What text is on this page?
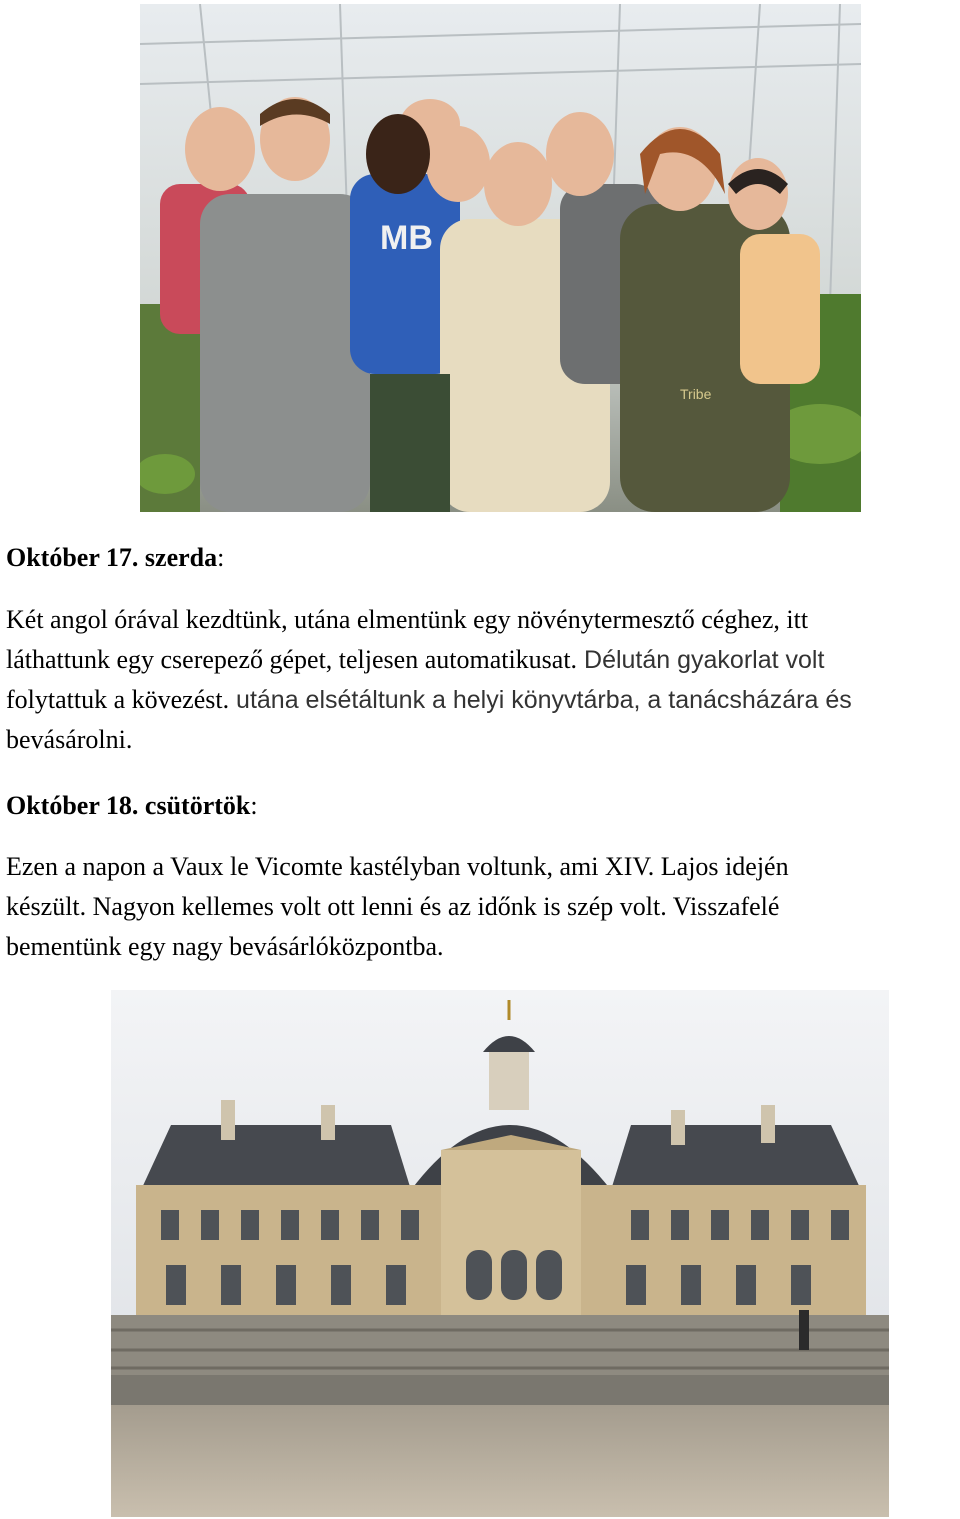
MB
Tribe

Október 17. szerda:

Két angol órával kezdtünk, utána elmentünk egy növénytermesztő céghez, itt
láthattunk egy cserepező gépet, teljesen automatikusat. Délután gyakorlat volt
folytattuk a kövezést. utána elsétáltunk a helyi könyvtárba, a tanácsházára és
bevásárolni.

Október 18. csütörtök:

Ezen a napon a Vaux le Vicomte kastélyban voltunk, ami XIV. Lajos idején
készült. Nagyon kellemes volt ott lenni és az időnk is szép volt. Visszafelé
bementünk egy nagy bevásárlóközpontba.
